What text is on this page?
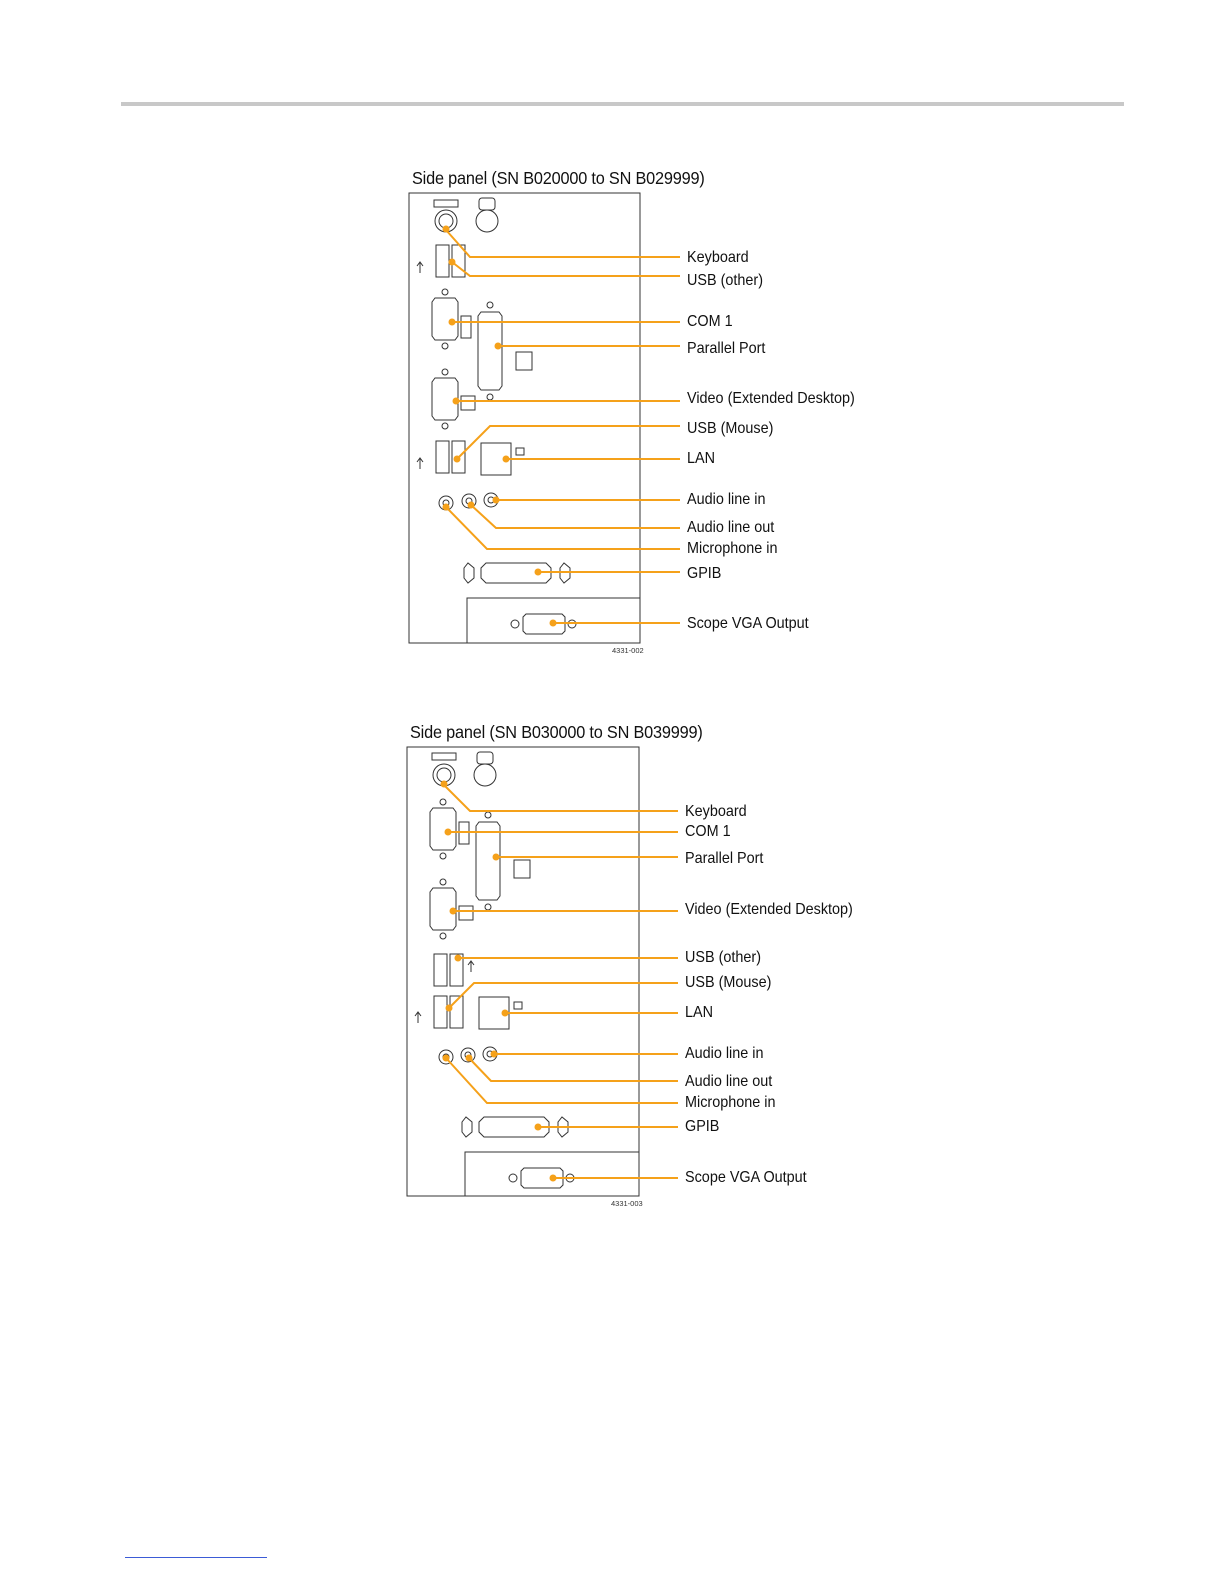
Side panel (SN B020000 to SN B029999)
Keyboard
USB (other)
COM 1
Parallel Port
Video (Extended Desktop)
USB (Mouse)
LAN
Audio line in
Audio line out
Microphone in
GPIB
Scope VGA Output
4331-002
Side panel (SN B030000 to SN B039999)
Keyboard
COM 1
Parallel Port
Video (Extended Desktop)
USB (other)
USB (Mouse)
LAN
Audio line in
Audio line out
Microphone in
GPIB
Scope VGA Output
4331-003
